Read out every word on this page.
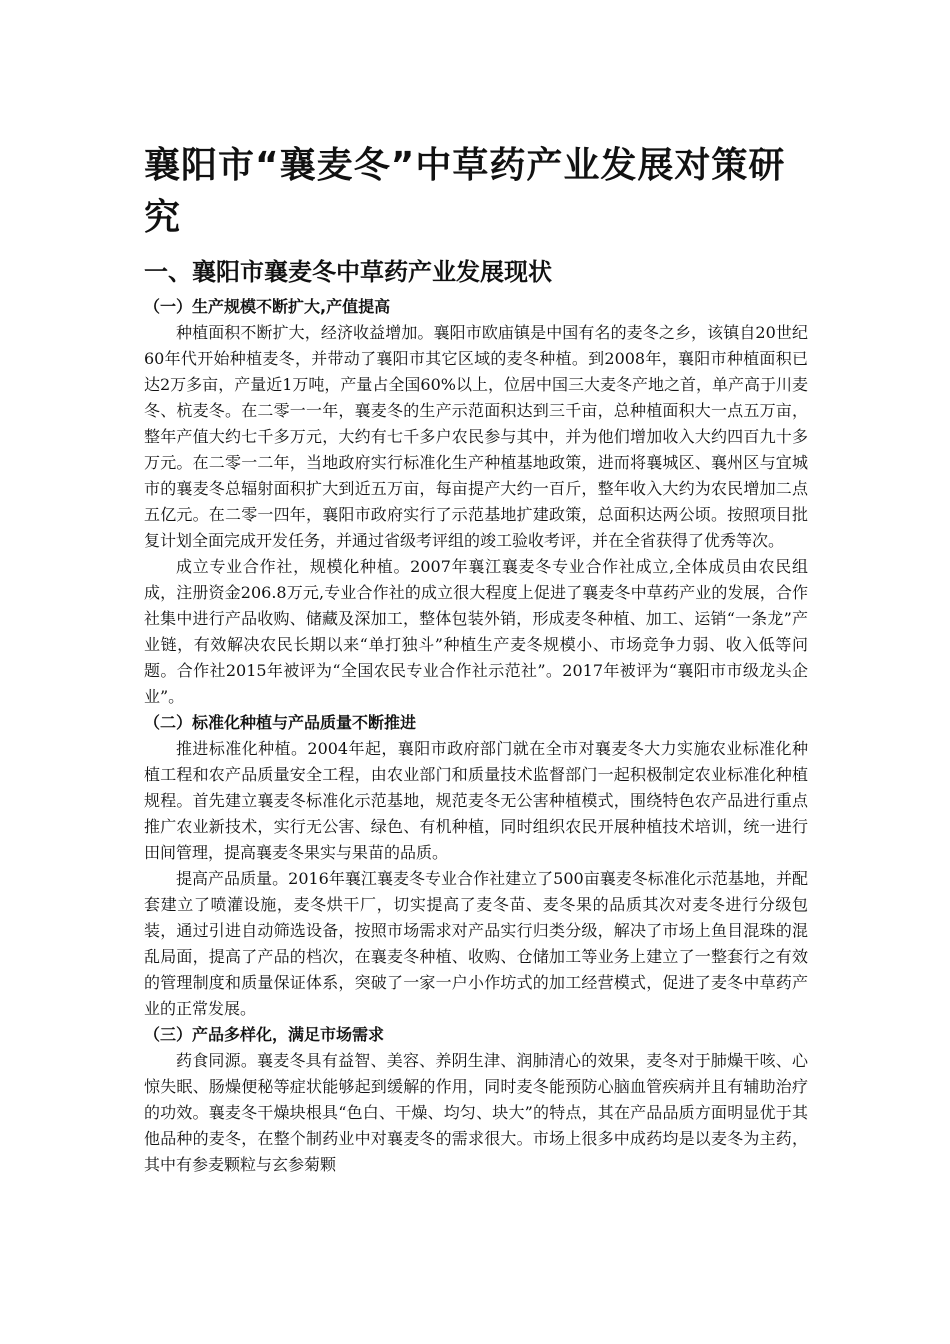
襄阳市“襄麦冬”中草药产业发展对策研究
一、襄阳市襄麦冬中草药产业发展现状
（一）生产规模不断扩大,产值提高

种植面积不断扩大，经济收益增加。襄阳市欧庙镇是中国有名的麦冬之乡，该镇自20世纪60年代开始种植麦冬，并带动了襄阳市其它区域的麦冬种植。到2008年，襄阳市种植面积已达2万多亩，产量近1万吨，产量占全国60%以上，位居中国三大麦冬产地之首，单产高于川麦冬、杭麦冬。在二零一一年，襄麦冬的生产示范面积达到三千亩，总种植面积大一点五万亩，整年产值大约七千多万元，大约有七千多户农民参与其中，并为他们增加收入大约四百九十多万元。在二零一二年，当地政府实行标准化生产种植基地政策，进而将襄城区、襄州区与宜城市的襄麦冬总辐射面积扩大到近五万亩，每亩提产大约一百斤，整年收入大约为农民增加二点五亿元。在二零一四年，襄阳市政府实行了示范基地扩建政策，总面积达两公顷。按照项目批复计划全面完成开发任务，并通过省级考评组的竣工验收考评，并在全省获得了优秀等次。

成立专业合作社，规模化种植。2007年襄江襄麦冬专业合作社成立,全体成员由农民组成，注册资金206.8万元,专业合作社的成立很大程度上促进了襄麦冬中草药产业的发展，合作社集中进行产品收购、储藏及深加工，整体包装外销，形成麦冬种植、加工、运销“一条龙”产业链，有效解决农民长期以来“单打独斗”种植生产麦冬规模小、市场竞争力弱、收入低等问题。合作社2015年被评为“全国农民专业合作社示范社”。2017年被评为“襄阳市市级龙头企业”。

（二）标准化种植与产品质量不断推进

推进标准化种植。2004年起，襄阳市政府部门就在全市对襄麦冬大力实施农业标准化种植工程和农产品质量安全工程，由农业部门和质量技术监督部门一起积极制定农业标准化种植规程。首先建立襄麦冬标准化示范基地，规范麦冬无公害种植模式，围绕特色农产品进行重点推广农业新技术，实行无公害、绿色、有机种植，同时组织农民开展种植技术培训，统一进行田间管理，提高襄麦冬果实与果苗的品质。

提高产品质量。2016年襄江襄麦冬专业合作社建立了500亩襄麦冬标准化示范基地，并配套建立了喷灌设施，麦冬烘干厂，切实提高了麦冬苗、麦冬果的品质其次对麦冬进行分级包装，通过引进自动筛选设备，按照市场需求对产品实行归类分级，解决了市场上鱼目混珠的混乱局面，提高了产品的档次，在襄麦冬种植、收购、仓储加工等业务上建立了一整套行之有效的管理制度和质量保证体系，突破了一家一户小作坊式的加工经营模式，促进了麦冬中草药产业的正常发展。

（三）产品多样化，满足市场需求

药食同源。襄麦冬具有益智、美容、养阴生津、润肺清心的效果，麦冬对于肺燥干咳、心惊失眠、肠燥便秘等症状能够起到缓解的作用，同时麦冬能预防心脑血管疾病并且有辅助治疗的功效。襄麦冬干燥块根具“色白、干燥、均匀、块大”的特点，其在产品品质方面明显优于其他品种的麦冬，在整个制药业中对襄麦冬的需求很大。市场上很多中成药均是以麦冬为主药，其中有参麦颗粒与玄参菊颗
